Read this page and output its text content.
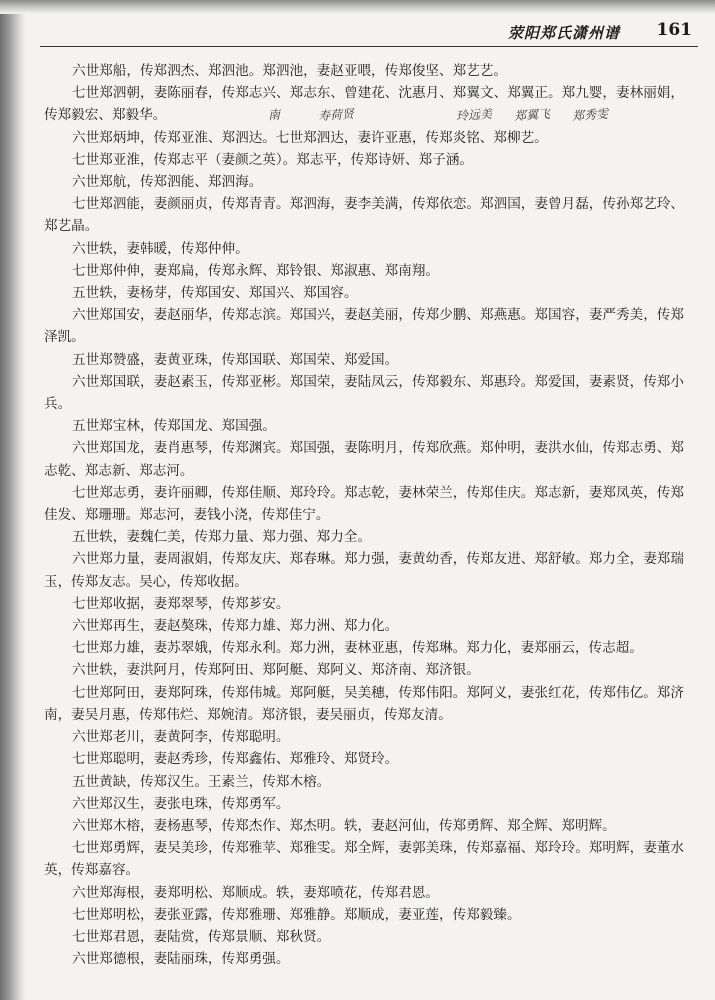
荥阳郑氏潇州谱 161

六世郑船，传郑泗杰、郑泗池。郑泗池，妻赵亚喂，传郑俊坚、郑艺艺。

七世郑泗朝，妻陈丽春，传郑志兴、郑志东、曾建花、沈惠月、郑翼文、郑翼正。郑九婴，妻林丽娟，传郑毅宏、郑毅华。

六世郑炳坤，传郑亚淮、郑泗达。七世郑泗达，妻许亚惠，传郑炎铭、郑柳艺。

七世郑亚淮，传郑志平（妻颜之英）。郑志平，传郑诗妍、郑子涵。

六世郑航，传郑泗能、郑泗海。

七世郑泗能，妻颜丽贞，传郑青青。郑泗海，妻李美满，传郑依恋。郑泗国，妻曾月磊，传孙郑艺玲、郑艺晶。

六世轶，妻韩暖，传郑仲伸。

七世郑仲伸，妻郑扁，传郑永辉、郑铃银、郑淑惠、郑南翔。

五世轶，妻杨芽，传郑国安、郑国兴、郑国容。

六世郑国安，妻赵丽华，传郑志滨。郑国兴，妻赵美丽，传郑少鹏、郑燕惠。郑国容，妻严秀美，传郑泽凯。

五世郑赞盛，妻黄亚珠，传郑国联、郑国荣、郑爱国。

六世郑国联，妻赵素玉，传郑亚彬。郑国荣，妻陆凤云，传郑毅东、郑惠玲。郑爱国，妻素贤，传郑小兵。

五世郑宝林，传郑国龙、郑国强。

六世郑国龙，妻肖惠琴，传郑渊宾。郑国强，妻陈明月，传郑欣燕。郑仲明，妻洪水仙，传郑志勇、郑志乾、郑志新、郑志河。

七世郑志勇，妻许丽卿，传郑佳顺、郑玲玲。郑志乾，妻林荣兰，传郑佳庆。郑志新，妻郑凤英，传郑佳发、郑珊珊。郑志河，妻钱小浇，传郑佳宁。

五世轶，妻魏仁美，传郑力量、郑力强、郑力全。

六世郑力量，妻周淑娟，传郑友庆、郑春琳。郑力强，妻黄幼香，传郑友进、郑舒敏。郑力全，妻郑瑞玉，传郑友志。吴心，传郑收据。

七世郑收据，妻郑翠琴，传郑芗安。

六世郑再生，妻赵獒珠，传郑力雄、郑力洲、郑力化。

七世郑力雄，妻苏翠娥，传郑永利。郑力洲，妻林亚惠，传郑琳。郑力化，妻郑丽云，传志超。

六世轶，妻洪阿月，传郑阿田、郑阿艇、郑阿义、郑济南、郑济银。

七世郑阿田，妻郑阿珠，传郑伟城。郑阿艇，吴美穗，传郑伟阳。郑阿义，妻张红花，传郑伟亿。郑济南，妻吴月惠，传郑伟烂、郑婉清。郑济银，妻吴丽贞，传郑友清。

六世郑老川，妻黄阿李，传郑聪明。

七世郑聪明，妻赵秀珍，传郑鑫佑、郑雅玲、郑贤玲。

五世黄缺，传郑汉生。王素兰，传郑木榕。

六世郑汉生，妻张电珠，传郑勇军。

六世郑木榕，妻杨惠琴，传郑杰作、郑杰明。轶，妻赵河仙，传郑勇辉、郑全辉、郑明辉。

七世郑勇辉，妻吴美珍，传郑雅苹、郑雅雯。郑全辉，妻郭美珠，传郑嘉福、郑玲玲。郑明辉，妻董水英，传郑嘉容。

六世郑海根，妻郑明松、郑顺成。轶，妻郑喷花，传郑君恩。

七世郑明松，妻张亚露，传郑雅珊、郑雅静。郑顺成，妻亚莲，传郑毅臻。

七世郑君恩，妻陆赏，传郑景顺、郑秋贤。

六世郑德根，妻陆丽珠，传郑勇强。

南	寿荷贤	玲远美 郑翼飞 郑秀雯
